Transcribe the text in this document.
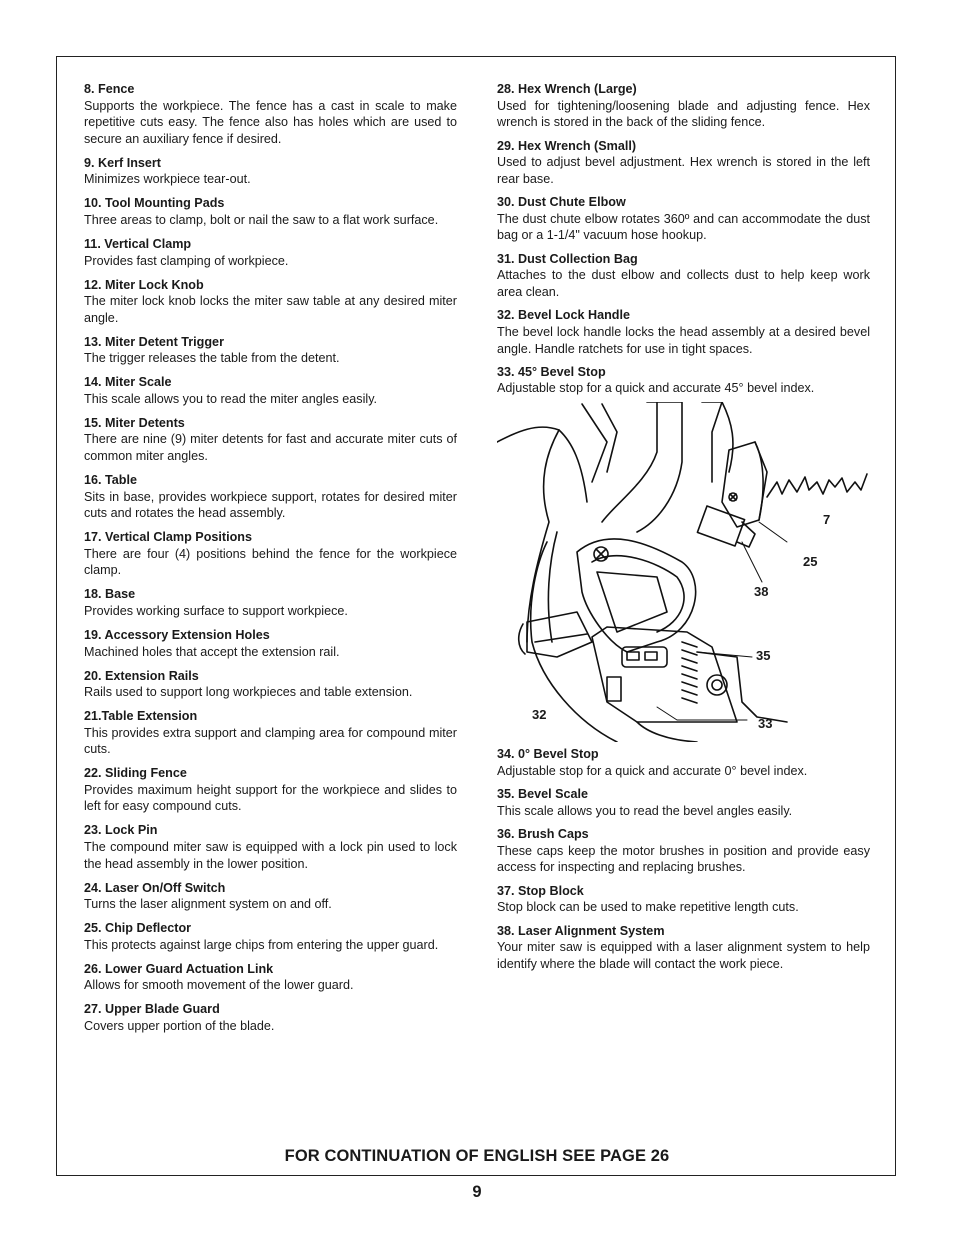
8. Fence
Supports the workpiece. The fence has a cast in scale to make repetitive cuts easy. The fence also has holes which are used to secure an auxiliary fence if desired.
9. Kerf Insert
Minimizes workpiece tear-out.
10. Tool Mounting Pads
Three areas to clamp, bolt or nail the saw to a flat work surface.
11. Vertical Clamp
Provides fast clamping of workpiece.
12. Miter Lock Knob
The miter lock knob locks the miter saw table at any desired miter angle.
13. Miter Detent Trigger
The trigger releases the table from the detent.
14. Miter Scale
This scale allows you to read the miter angles easily.
15. Miter Detents
There are nine (9) miter detents for fast and accurate miter cuts of common miter angles.
16. Table
Sits in base, provides workpiece support, rotates for desired miter cuts and rotates the head assembly.
17. Vertical Clamp Positions
There are four (4) positions behind the fence for the workpiece clamp.
18. Base
Provides working surface to support workpiece.
19. Accessory Extension Holes
Machined holes that accept the extension rail.
20. Extension Rails
Rails used to support long workpieces and table extension.
21.Table Extension
This provides extra support and clamping area for compound miter cuts.
22. Sliding Fence
Provides maximum height support for the workpiece and slides to left for easy compound cuts.
23. Lock Pin
The compound miter saw is equipped with a lock pin used to lock the head assembly in the lower position.
24. Laser On/Off Switch
Turns the laser alignment system on and off.
25. Chip Deflector
This protects against large chips from entering the upper guard.
26. Lower Guard Actuation Link
Allows for smooth movement of the lower guard.
27. Upper Blade Guard
Covers upper portion of the blade.
28. Hex Wrench (Large)
Used for tightening/loosening blade and adjusting fence. Hex wrench is stored in the back of the sliding fence.
29. Hex Wrench (Small)
Used to adjust bevel adjustment. Hex wrench is stored in the left rear base.
30. Dust Chute Elbow
The dust chute elbow rotates 360º and can accommodate the dust bag or a 1-1/4" vacuum hose hookup.
31. Dust Collection Bag
Attaches to the dust elbow and collects dust to help keep work area clean.
32. Bevel Lock Handle
The bevel lock handle locks the head assembly at a desired bevel angle. Handle ratchets for use in tight spaces.
33. 45° Bevel Stop
Adjustable stop for a quick and accurate 45° bevel index.
34. 0° Bevel Stop
Adjustable stop for a quick and accurate 0° bevel index.
35. Bevel Scale
This scale allows you to read the bevel angles easily.
36. Brush Caps
These caps keep the motor brushes in position and provide easy access for inspecting and replacing brushes.
37. Stop Block
Stop block can be used to make repetitive length cuts.
38. Laser Alignment System
Your miter saw is equipped with a laser alignment system to help identify where the blade will contact the work piece.
7
25
38
35
32
33
FOR CONTINUATION OF ENGLISH SEE PAGE 26
9
